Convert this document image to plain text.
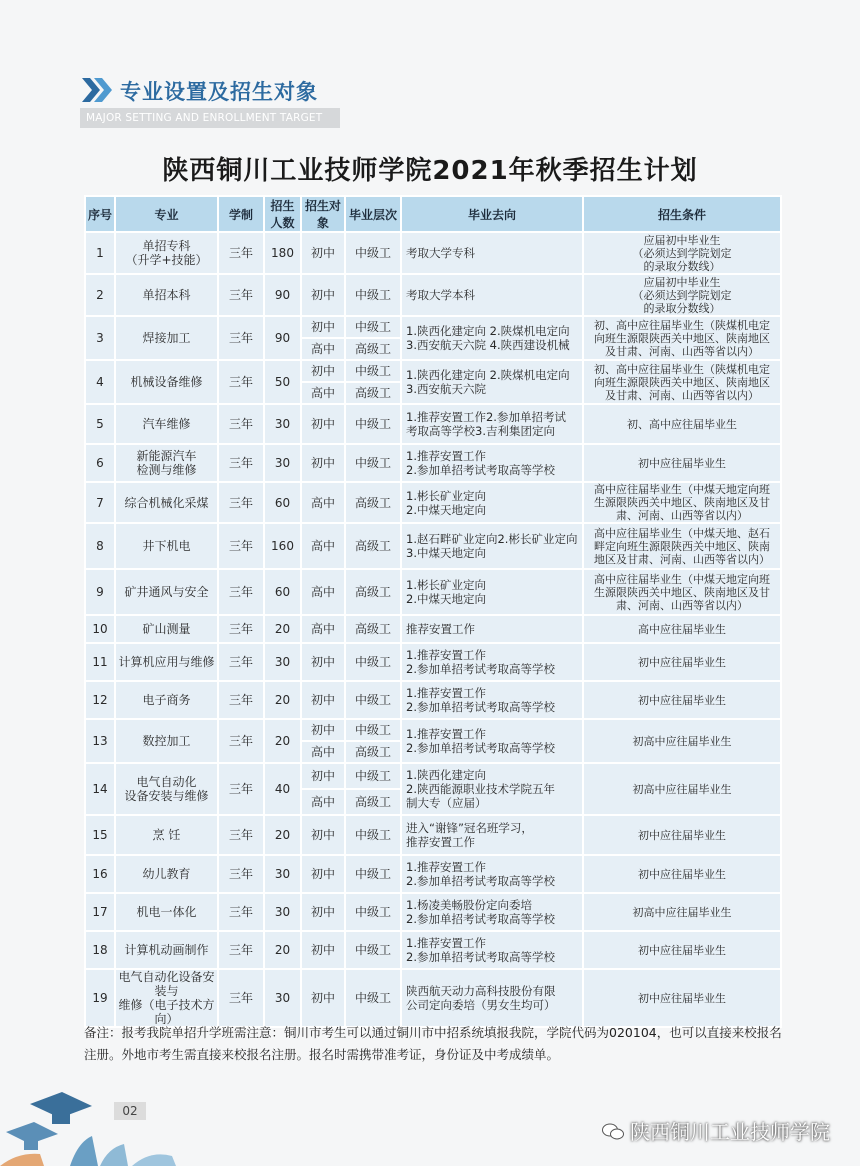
专业设置及招生对象
MAJOR SETTING AND ENROLLMENT TARGET
陕西铜川工业技师学院2021年秋季招生计划
序号	专业	学制	招生人数	招生对象	毕业层次	毕业去向	招生条件
1	单招专科
（升学+技能）	三年	180	初中	中级工	考取大学专科	应届初中毕业生
（必须达到学院划定
的录取分数线）
2	单招本科	三年	90	初中	中级工	考取大学本科	应届初中毕业生
（必须达到学院划定
的录取分数线）
3	焊接加工	三年	90	初中	中级工	1.陕西化建定向 2.陕煤机电定向
3.西安航天六院 4.陕西建设机械	初、高中应往届毕业生（陕煤机电定
向班生源限陕西关中地区、陕南地区
及甘肃、河南、山西等省以内）
				高中	高级工		
4	机械设备维修	三年	50	初中	中级工	1.陕西化建定向 2.陕煤机电定向
3.西安航天六院	初、高中应往届毕业生（陕煤机电定
向班生源限陕西关中地区、陕南地区
及甘肃、河南、山西等省以内）
				高中	高级工		
5	汽车维修	三年	30	初中	中级工	1.推荐安置工作2.参加单招考试
考取高等学校3.吉利集团定向	初、高中应往届毕业生
6	新能源汽车
检测与维修	三年	30	初中	中级工	1.推荐安置工作
2.参加单招考试考取高等学校	初中应往届毕业生
7	综合机械化采煤	三年	60	高中	高级工	1.彬长矿业定向
2.中煤天地定向	高中应往届毕业生（中煤天地定向班
生源限陕西关中地区、陕南地区及甘
肃、河南、山西等省以内）
8	井下机电	三年	160	高中	高级工	1.赵石畔矿业定向2.彬长矿业定向
3.中煤天地定向	高中应往届毕业生（中煤天地、赵石
畔定向班生源限陕西关中地区、陕南
地区及甘肃、河南、山西等省以内）
9	矿井通风与安全	三年	60	高中	高级工	1.彬长矿业定向
2.中煤天地定向	高中应往届毕业生（中煤天地定向班
生源限陕西关中地区、陕南地区及甘
肃、河南、山西等省以内）
10	矿山测量	三年	20	高中	高级工	推荐安置工作	高中应往届毕业生
11	计算机应用与维修	三年	30	初中	中级工	1.推荐安置工作
2.参加单招考试考取高等学校	初中应往届毕业生
12	电子商务	三年	20	初中	中级工	1.推荐安置工作
2.参加单招考试考取高等学校	初中应往届毕业生
13	数控加工	三年	20	初中	中级工	1.推荐安置工作
2.参加单招考试考取高等学校	初高中应往届毕业生
				高中	高级工		
14	电气自动化
设备安装与维修	三年	40	初中	中级工	1.陕西化建定向
2.陕西能源职业技术学院五年
制大专（应届）	初高中应往届毕业生
				高中	高级工		
15	烹 饪	三年	20	初中	中级工	进入“谢锋”冠名班学习，
推荐安置工作	初中应往届毕业生
16	幼儿教育	三年	30	初中	中级工	1.推荐安置工作
2.参加单招考试考取高等学校	初中应往届毕业生
17	机电一体化	三年	30	初中	中级工	1.杨凌美畅股份定向委培
2.参加单招考试考取高等学校	初高中应往届毕业生
18	计算机动画制作	三年	20	初中	中级工	1.推荐安置工作
2.参加单招考试考取高等学校	初中应往届毕业生
19	电气自动化设备安装与
维修（电子技术方向）	三年	30	初中	中级工	陕西航天动力高科技股份有限
公司定向委培（男女生均可）	初中应往届毕业生
备注：报考我院单招升学班需注意：铜川市考生可以通过铜川市中招系统填报我院，学院代码为020104，也可以直接来校报名注册。外地市考生需直接来校报名注册。报名时需携带准考证，身份证及中考成绩单。
02
陕西铜川工业技师学院
